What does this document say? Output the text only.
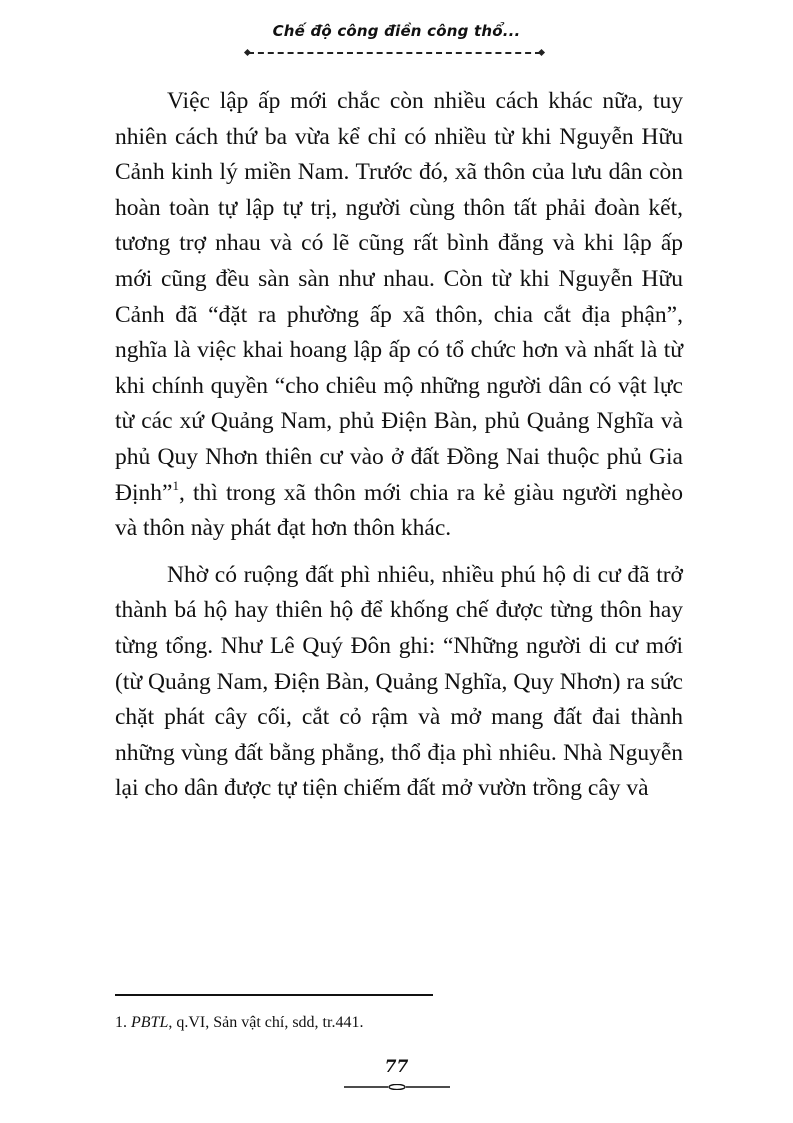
Chế độ công điền công thổ...

Việc lập ấp mới chắc còn nhiều cách khác nữa, tuy nhiên cách thứ ba vừa kể chỉ có nhiều từ khi Nguyễn Hữu Cảnh kinh lý miền Nam. Trước đó, xã thôn của lưu dân còn hoàn toàn tự lập tự trị, người cùng thôn tất phải đoàn kết, tương trợ nhau và có lẽ cũng rất bình đẳng và khi lập ấp mới cũng đều sàn sàn như nhau. Còn từ khi Nguyễn Hữu Cảnh đã “đặt ra phường ấp xã thôn, chia cắt địa phận”, nghĩa là việc khai hoang lập ấp có tổ chức hơn và nhất là từ khi chính quyền “cho chiêu mộ những người dân có vật lực từ các xứ Quảng Nam, phủ Điện Bàn, phủ Quảng Nghĩa và phủ Quy Nhơn thiên cư vào ở đất Đồng Nai thuộc phủ Gia Định”$^1$, thì trong xã thôn mới chia ra kẻ giàu người nghèo và thôn này phát đạt hơn thôn khác.

Nhờ có ruộng đất phì nhiêu, nhiều phú hộ di cư đã trở thành bá hộ hay thiên hộ để khống chế được từng thôn hay từng tổng. Như Lê Quý Đôn ghi: “Những người di cư mới (từ Quảng Nam, Điện Bàn, Quảng Nghĩa, Quy Nhơn) ra sức chặt phát cây cối, cắt cỏ rậm và mở mang đất đai thành những vùng đất bằng phẳng, thổ địa phì nhiêu. Nhà Nguyễn lại cho dân được tự tiện chiếm đất mở vườn trồng cây và

1. PBTL, q.VI, Sản vật chí, sdd, tr.441.
77
